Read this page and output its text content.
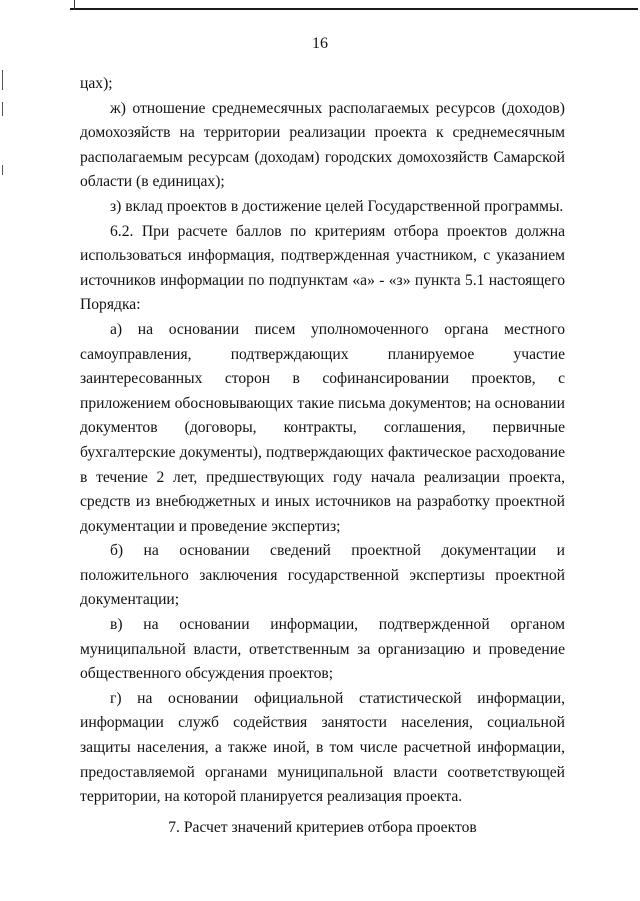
16

цах);

ж) отношение среднемесячных располагаемых ресурсов (доходов) домохозяйств на территории реализации проекта к среднемесячным располагаемым ресурсам (доходам) городских домохозяйств Самарской области (в единицах);

з) вклад проектов в достижение целей Государственной программы.

6.2. При расчете баллов по критериям отбора проектов должна использоваться информация, подтвержденная участником, с указанием источников информации по подпунктам «а» - «з» пункта 5.1 настоящего Порядка:

а) на основании писем уполномоченного органа местного самоуправления, подтверждающих планируемое участие заинтересованных сторон в софинансировании проектов, с приложением обосновывающих такие письма документов; на основании документов (договоры, контракты, соглашения, первичные бухгалтерские документы), подтверждающих фактическое расходование в течение 2 лет, предшествующих году начала реализации проекта, средств из внебюджетных и иных источников на разработку проектной документации и проведение экспертиз;

б) на основании сведений проектной документации и положительного заключения государственной экспертизы проектной документации;

в) на основании информации, подтвержденной органом муниципальной власти, ответственным за организацию и проведение общественного обсуждения проектов;

г) на основании официальной статистической информации, информации служб содействия занятости населения, социальной защиты населения, а также иной, в том числе расчетной информации, предоставляемой органами муниципальной власти соответствующей территории, на которой планируется реализация проекта.

7. Расчет значений критериев отбора проектов
